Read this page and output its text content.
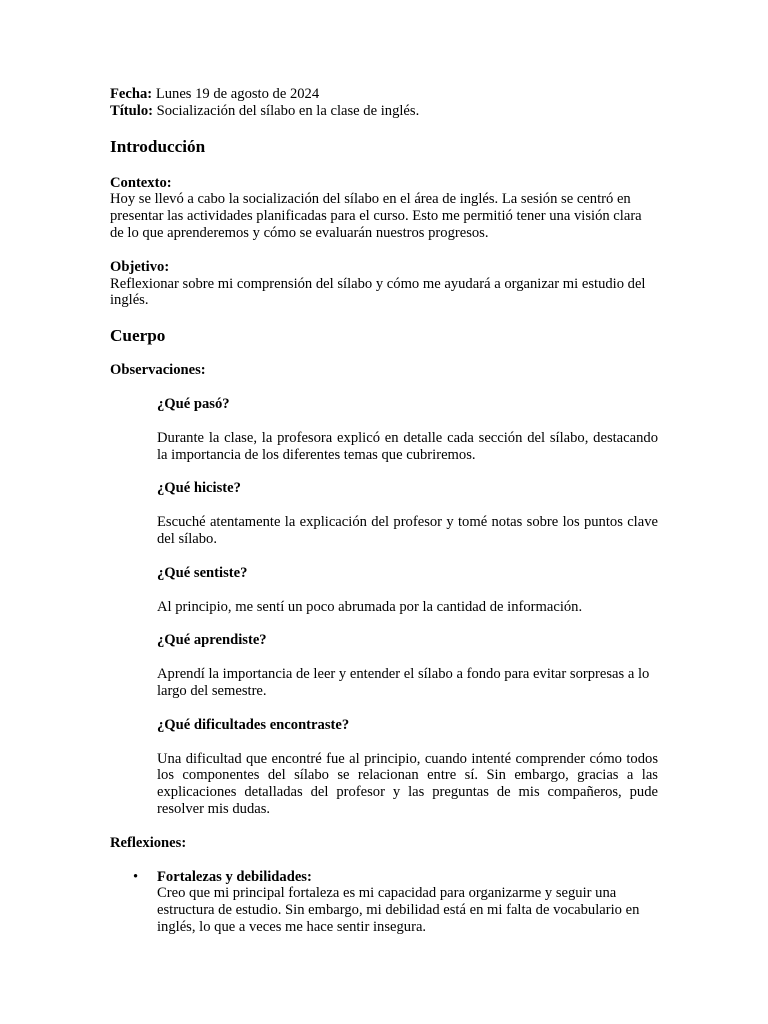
Fecha: Lunes 19 de agosto de 2024

Título: Socialización del sílabo en la clase de inglés.

Introducción

Contexto:

Hoy se llevó a cabo la socialización del sílabo en el área de inglés. La sesión se centró en presentar las actividades planificadas para el curso. Esto me permitió tener una visión clara de lo que aprenderemos y cómo se evaluarán nuestros progresos.

Objetivo:

Reflexionar sobre mi comprensión del sílabo y cómo me ayudará a organizar mi estudio del inglés.

Cuerpo

Observaciones:

¿Qué pasó?

Durante la clase, la profesora explicó en detalle cada sección del sílabo, destacando la importancia de los diferentes temas que cubriremos.

¿Qué hiciste?

Escuché atentamente la explicación del profesor y tomé notas sobre los puntos clave del sílabo.

¿Qué sentiste?

Al principio, me sentí un poco abrumada por la cantidad de información.

¿Qué aprendiste?

Aprendí la importancia de leer y entender el sílabo a fondo para evitar sorpresas a lo largo del semestre.

¿Qué dificultades encontraste?

Una dificultad que encontré fue al principio, cuando intenté comprender cómo todos los componentes del sílabo se relacionan entre sí. Sin embargo, gracias a las explicaciones detalladas del profesor y las preguntas de mis compañeros, pude resolver mis dudas.

Reflexiones:

• Fortalezas y debilidades:

Creo que mi principal fortaleza es mi capacidad para organizarme y seguir una estructura de estudio. Sin embargo, mi debilidad está en mi falta de vocabulario en inglés, lo que a veces me hace sentir insegura.
